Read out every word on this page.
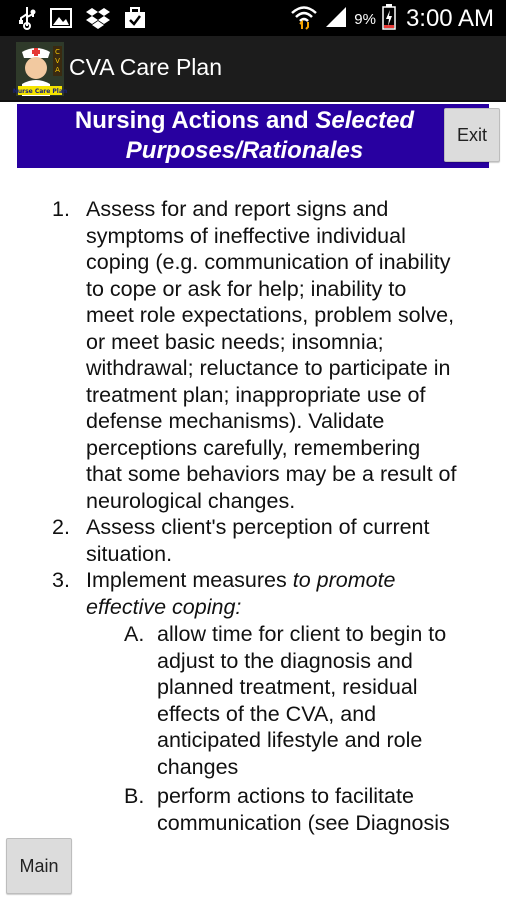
9% 3:00 AM
C
V
A
Nurse Care Plan
CVA Care Plan
Nursing Actions and Selected
Purposes/Rationales
Exit
1. Assess for and report signs and
symptoms of ineffective individual
coping (e.g. communication of inability
to cope or ask for help; inability to
meet role expectations, problem solve,
or meet basic needs; insomnia;
withdrawal; reluctance to participate in
treatment plan; inappropriate use of
defense mechanisms). Validate
perceptions carefully, remembering
that some behaviors may be a result of
neurological changes.
2. Assess client's perception of current
situation.
3. Implement measures to promote
effective coping:
A. allow time for client to begin to
adjust to the diagnosis and
planned treatment, residual
effects of the CVA, and
anticipated lifestyle and role
changes
B. perform actions to facilitate
communication (see Diagnosis
Main
